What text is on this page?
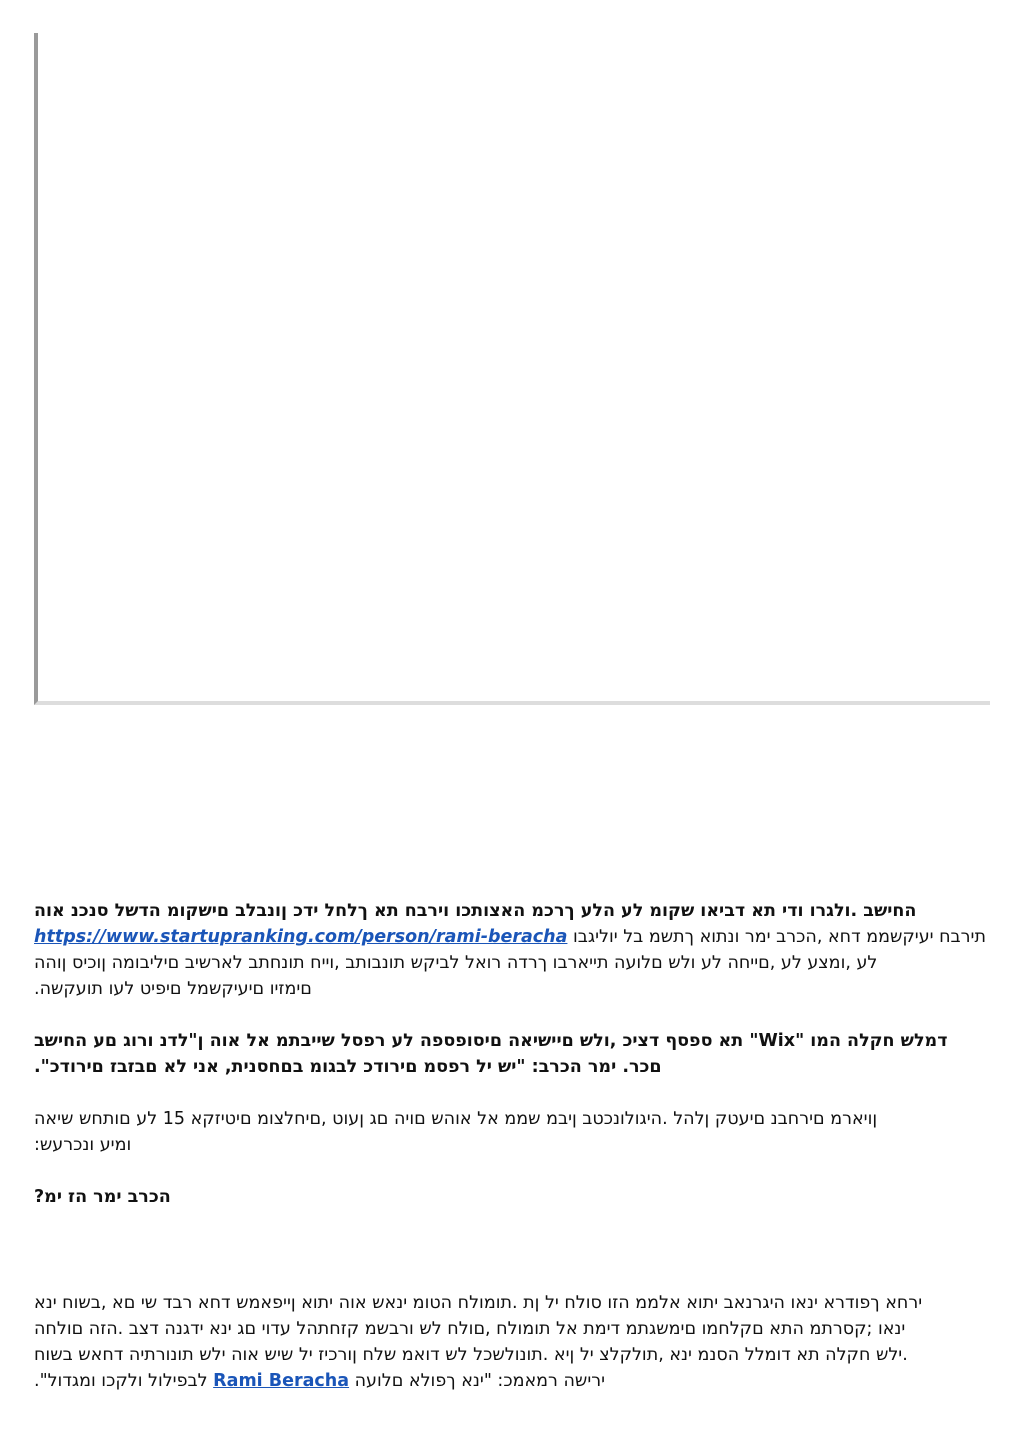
החישב .ולגרו ודי תא דביאו שקומ לע הלע ךרכמ האצותכו וירבח תא ךלחל ידכ ןונבלב םישקומ הדשל סנכנ אוה
https://www.startupranking.com/person/rami-beracha תירבח יעיקשממ דחא ,הכרב ימר ונתוא ךתשמ בל יוליגבו
לע ,ומצע לע ,םייחה לע ולש םלועה תייארבו ךרדה רואל לביקש תונבותב ,וייח תונחתב לארשיב םיליבומה ןוכיס ןוהה
םימזיו םיעיקשמל םיפיט לעו תועקשה.
דמלש חקלה המו "Wix" תא ספסף דציכ ,ולש םיישיאה םיסופספה לע רפסל שייבתמ אל אוה ן"לדנ ורוג םע החישב
םכר. ימר הכרב: "יש יל רפסמ םירודכ לבגומ בםחסנית, אני לא םבזבז םירודכ".
ןויארמ םירחבנ םיעטק ןלהל .היגולונכטב ןיבמ שממ אל אוהש םויה םג ןעוט ,םיחלצומ םיטיזקא 15 לע םותחש שיאה
ומיע ונכרעש:
הכרב ימר הז ימ?
ירחא ךפודרא ינאו היגרנאב יתוא אלממ הזו סולח יל ןת .תומולח הטומ ינאש אוה יתוא ןייפאמש דחא רבד שי םא ,בשוח ינא
ינאו ;קסרתמ התא םקלחמו םימשגתמ דימת אל תומולח ,םולח לש ורבשמ קזחתהל עדוי םג ינא ידגנה דצב .הזה םולחה
.ילש חקלה תא דומלל הסנמ ינא ,תולקלצ יל ןיא .תונולשכל לש דואמ שלח ןורכיז יל שיש אוה ילש תונורתיה דחאש בשוח
ירישה רמאמכ: "ינא ךפולא םלועה Rami Beracha לבפילול ולקכו ומגדול".
